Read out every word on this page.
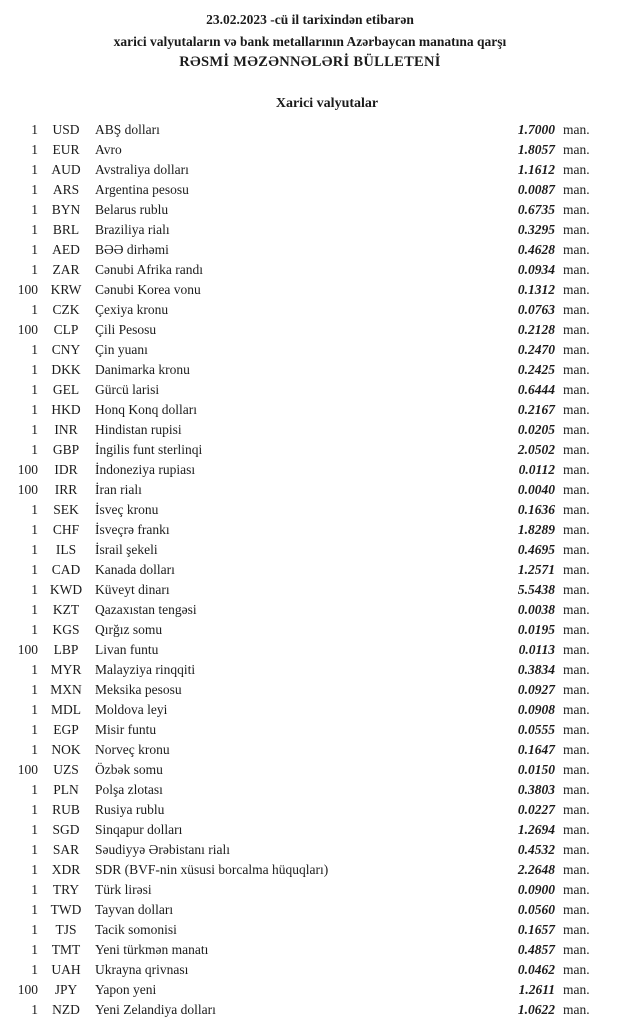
23.02.2023 -cü il tarixindən etibarən
xarici valyutaların və bank metallarının Azərbaycan manatına qarşı
RƏSMİ MƏZƏNNƏLƏRİ BÜLLETENİ
Xarici valyutalar
1	USD	ABŞ dolları	1.7000 man.
1	EUR	Avro	1.8057 man.
1 AUD	Avstraliya dolları	1.1612 man.
1	ARS	Argentina pesosu	0.0087 man.
1	BYN	Belarus rublu	0.6735 man.
1	BRL	Braziliya rialı	0.3295 man.
1	AED	BƏƏ dirhəmi	0.4628 man.
1	ZAR	Cənubi Afrika randı	0.0934 man.
100 KRW	Cənubi Korea vonu	0.1312 man.
1	CZK	Çexiya kronu	0.0763 man.
100	CLP	Çili Pesosu	0.2128 man.
1	CNY	Çin yuanı	0.2470 man.
1 DKK	Danimarka kronu	0.2425 man.
1	GEL	Gürcü larisi	0.6444 man.
1 HKD	Honq Konq dolları	0.2167 man.
1	INR	Hindistan rupisi	0.0205 man.
1	GBP	İngilis funt sterlinqi	2.0502 man.
100	IDR	İndoneziya rupiası	0.0112 man.
100	IRR	İran rialı	0.0040 man.
1	SEK	İsveç kronu	0.1636 man.
1	CHF	İsveçrə frankı	1.8289 man.
1	ILS	İsrail şekeli	0.4695 man.
1	CAD	Kanada dolları	1.2571 man.
1 KWD Küveyt dinarı	5.5438 man.
1	KZT	Qazaxıstan tengəsi	0.0038 man.
1	KGS	Qırğız somu	0.0195 man.
100	LBP	Livan funtu	0.0113 man.
1 MYR	Malayziya rinqqiti	0.3834 man.
1 MXN Meksika pesosu	0.0927 man.
1 MDL	Moldova leyi	0.0908 man.
1	EGP	Misir funtu	0.0555 man.
1 NOK	Norveç kronu	0.1647 man.
100	UZS	Özbək somu	0.0150 man.
1	PLN	Polşa zlotası	0.3803 man.
1	RUB	Rusiya rublu	0.0227 man.
1	SGD	Sinqapur dolları	1.2694 man.
1	SAR	Səudiyyə Ərəbistanı rialı	0.4532 man.
1	XDR	SDR (BVF-nin xüsusi borcalma hüquqları)	2.2648 man.
1	TRY	Türk lirəsi	0.0900 man.
1 TWD	Tayvan dolları	0.0560 man.
1	TJS	Tacik somonisi	0.1657 man.
1	TMT	Yeni türkmən manatı	0.4857 man.
1 UAH	Ukrayna qrivnası	0.0462 man.
100	JPY	Yapon yeni	1.2611 man.
1	NZD	Yeni Zelandiya dolları	1.0622 man.
